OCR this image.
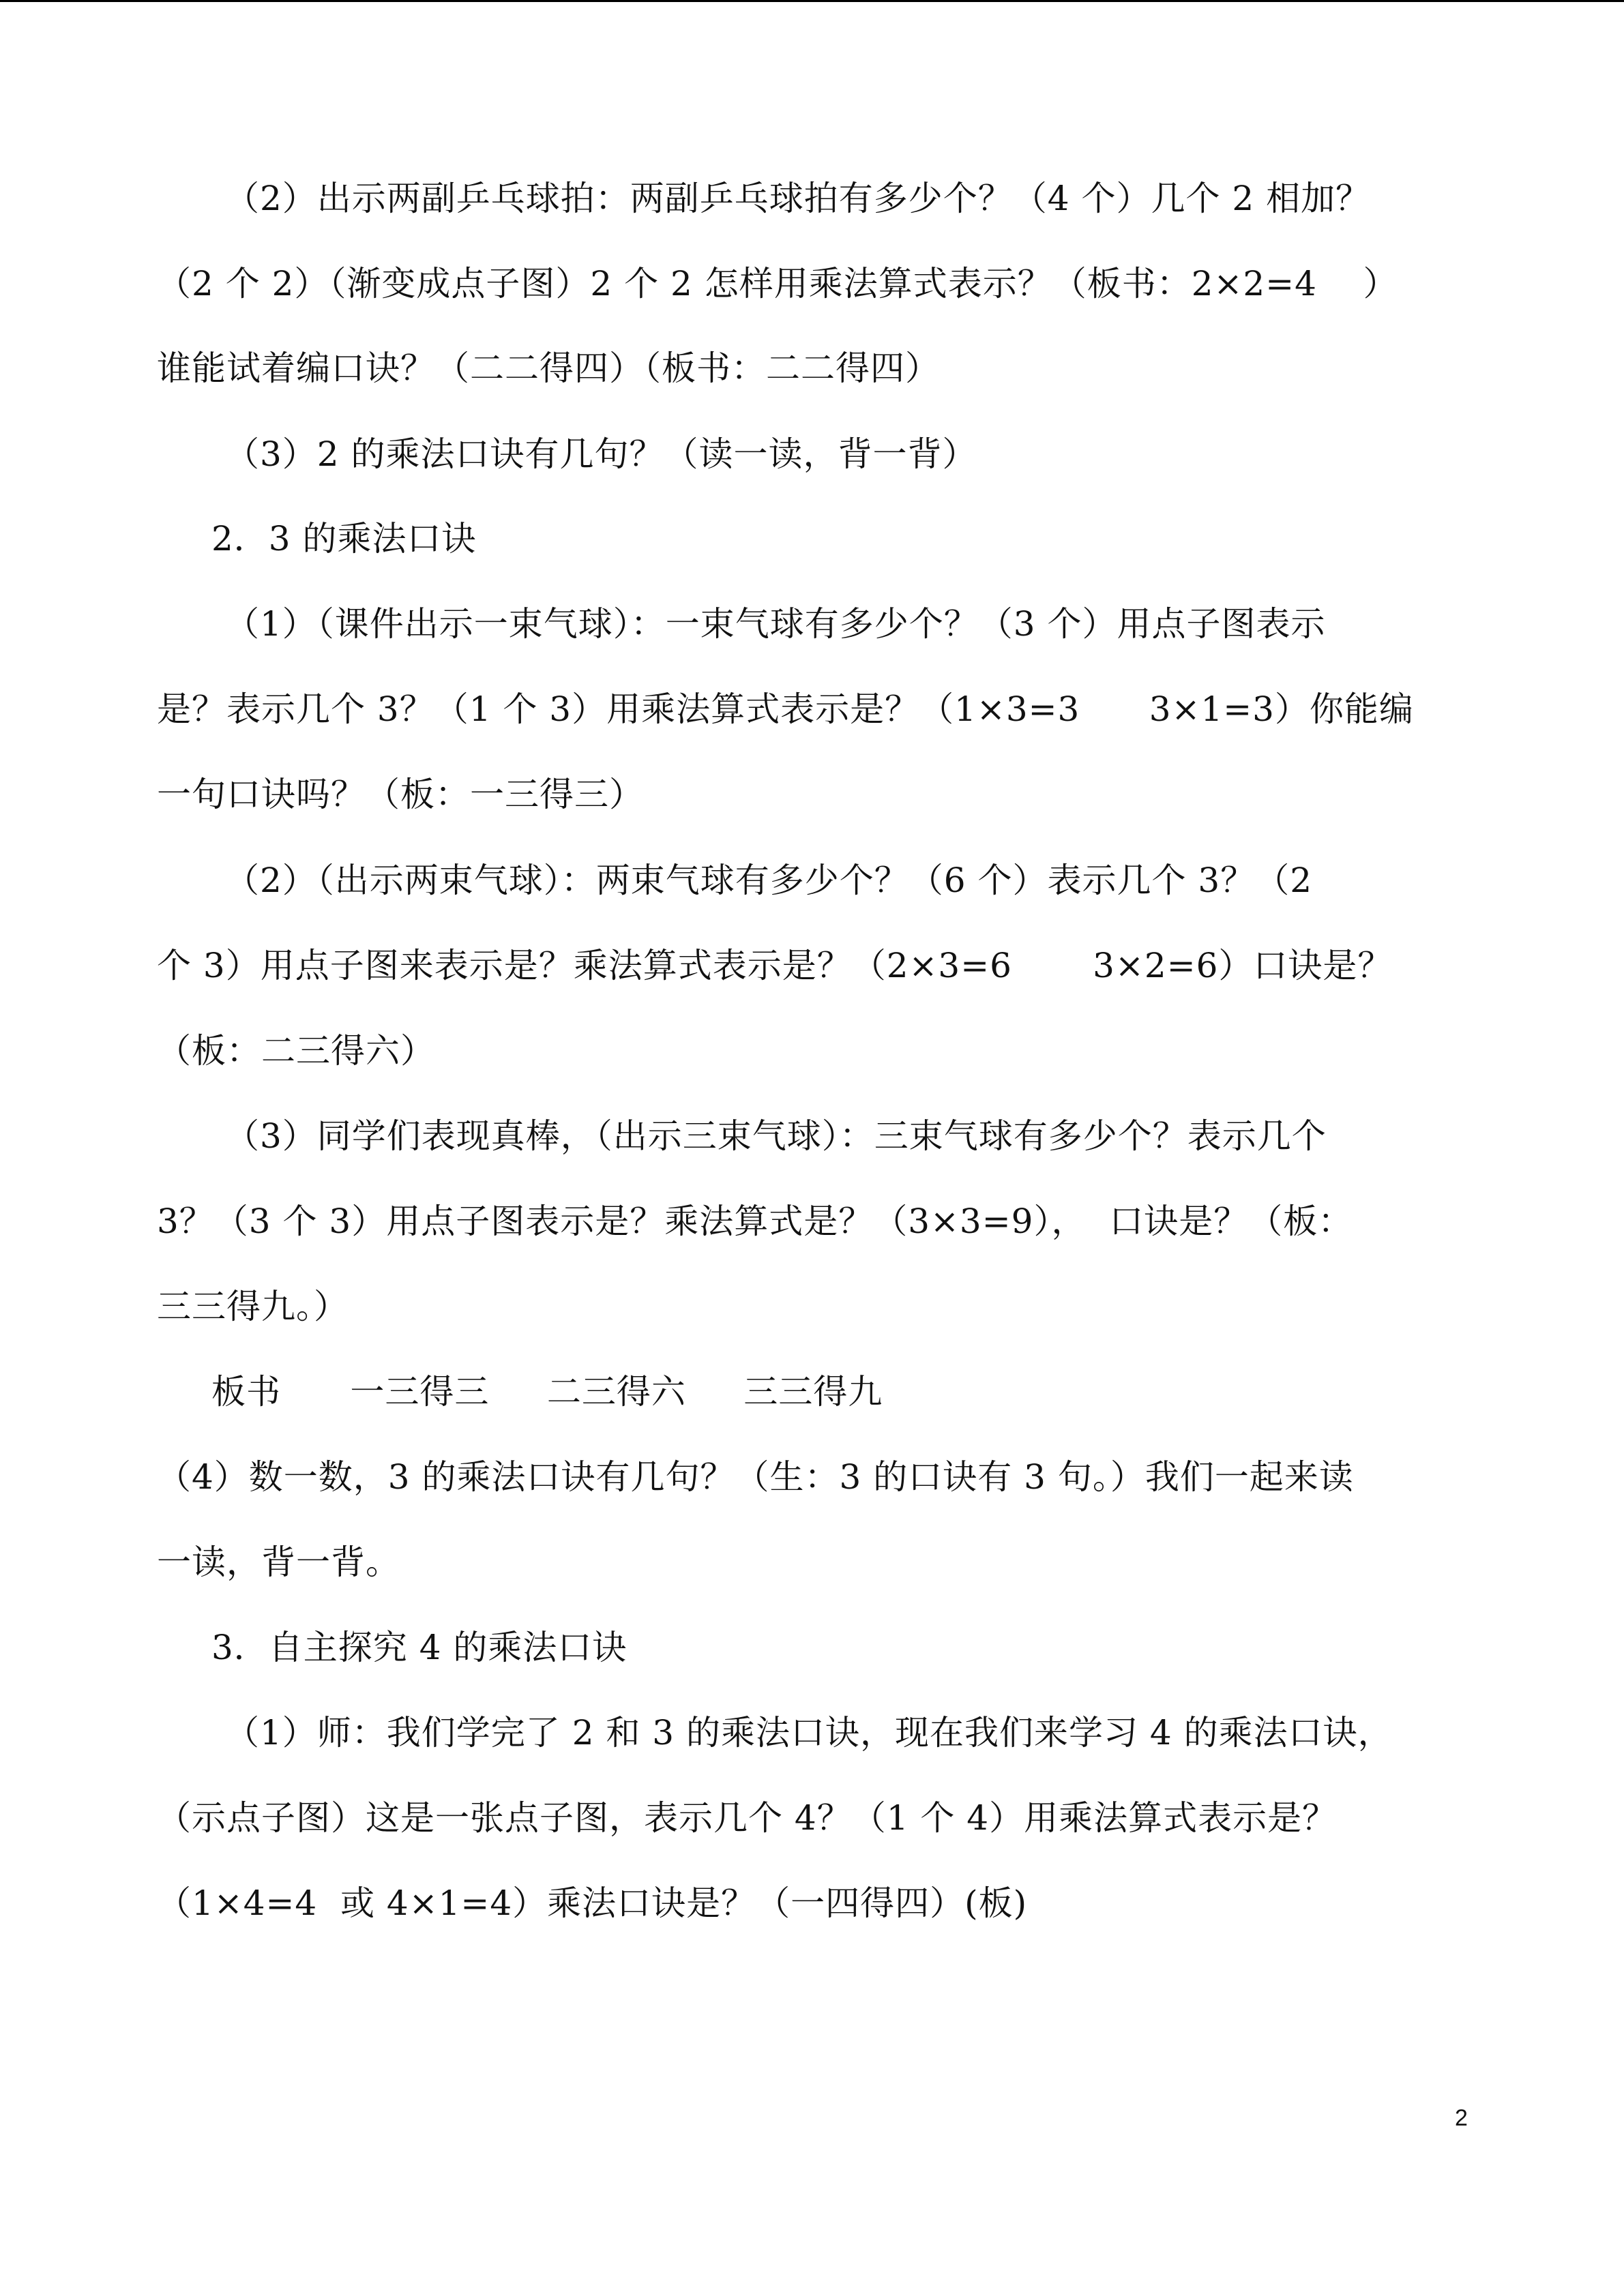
（2）出示两副乒乓球拍：两副乒乓球拍有多少个？（4 个）几个 2 相加？
（2 个 2）（渐变成点子图）2 个 2 怎样用乘法算式表示？（板书：2×2=4    ）
谁能试着编口诀？（二二得四）（板书：二二得四）
（3）2 的乘法口诀有几句？（读一读，背一背）
2．3 的乘法口诀
（1）（课件出示一束气球）：一束气球有多少个？（3 个）用点子图表示
是？表示几个 3？（1 个 3）用乘法算式表示是？（1×3=3      3×1=3）你能编
一句口诀吗？（板：一三得三）
（2）（出示两束气球）：两束气球有多少个？（6 个）表示几个 3？（2
个 3）用点子图来表示是？乘法算式表示是？（2×3=6       3×2=6）口诀是？
（板：二三得六）
（3）同学们表现真棒，（出示三束气球）：三束气球有多少个？表示几个
3？（3 个 3）用点子图表示是？乘法算式是？（3×3=9），  口诀是？（板：
三三得九。）
板书      一三得三     二三得六     三三得九
（4）数一数，3 的乘法口诀有几句？（生：3 的口诀有 3 句。）我们一起来读
一读，背一背。
3．自主探究 4 的乘法口诀
（1）师：我们学完了 2 和 3 的乘法口诀，现在我们来学习 4 的乘法口诀，
（示点子图）这是一张点子图，表示几个 4？（1 个 4）用乘法算式表示是？
（1×4=4  或 4×1=4）乘法口诀是？（一四得四）(板)
2
